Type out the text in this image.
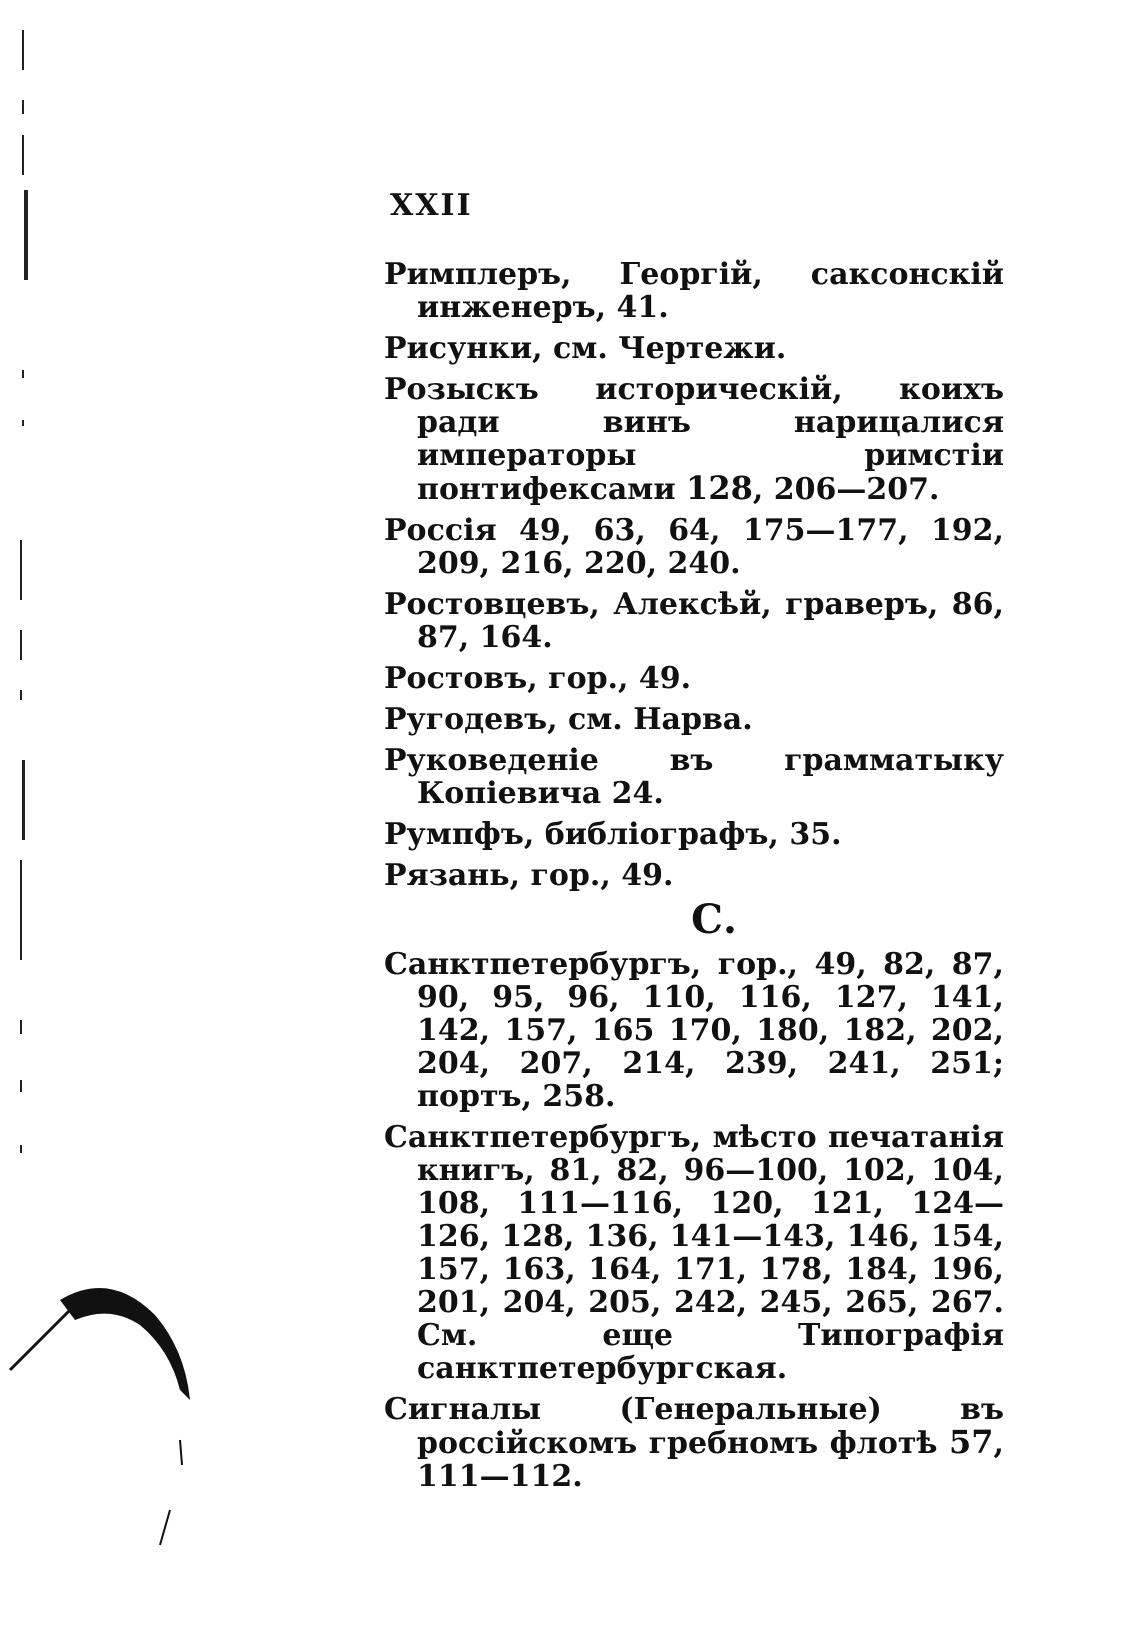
XXII

Римплеръ, Георгій, саксонскій инженеръ, 41.

Рисунки, см. Чертежи.

Розыскъ историческій, коихъ ради винъ нарицалися императоры римстіи понтифексами 128, 206—207.

Россія 49, 63, 64, 175—177, 192, 209, 216, 220, 240.

Ростовцевъ, Алексѣй, граверъ, 86, 87, 164.

Ростовъ, гор., 49.

Ругодевъ, см. Нарва.

Руковеденіе въ грамматыку Копіевича 24.

Румпфъ, библіографъ, 35.

Рязань, гор., 49.

С.

Санктпетербургъ, гор., 49, 82, 87, 90, 95, 96, 110, 116, 127, 141, 142, 157, 165 170, 180, 182, 202, 204, 207, 214, 239, 241, 251; портъ, 258.

Санктпетербургъ, мѣсто печатанія книгъ, 81, 82, 96—100, 102, 104, 108, 111—116, 120, 121, 124—126, 128, 136, 141—143, 146, 154, 157, 163, 164, 171, 178, 184, 196, 201, 204, 205, 242, 245, 265, 267. См. еще Типографія санктпетербургская.

Сигналы (Генеральные) въ россійскомъ гребномъ флотѣ 57, 111—112.
